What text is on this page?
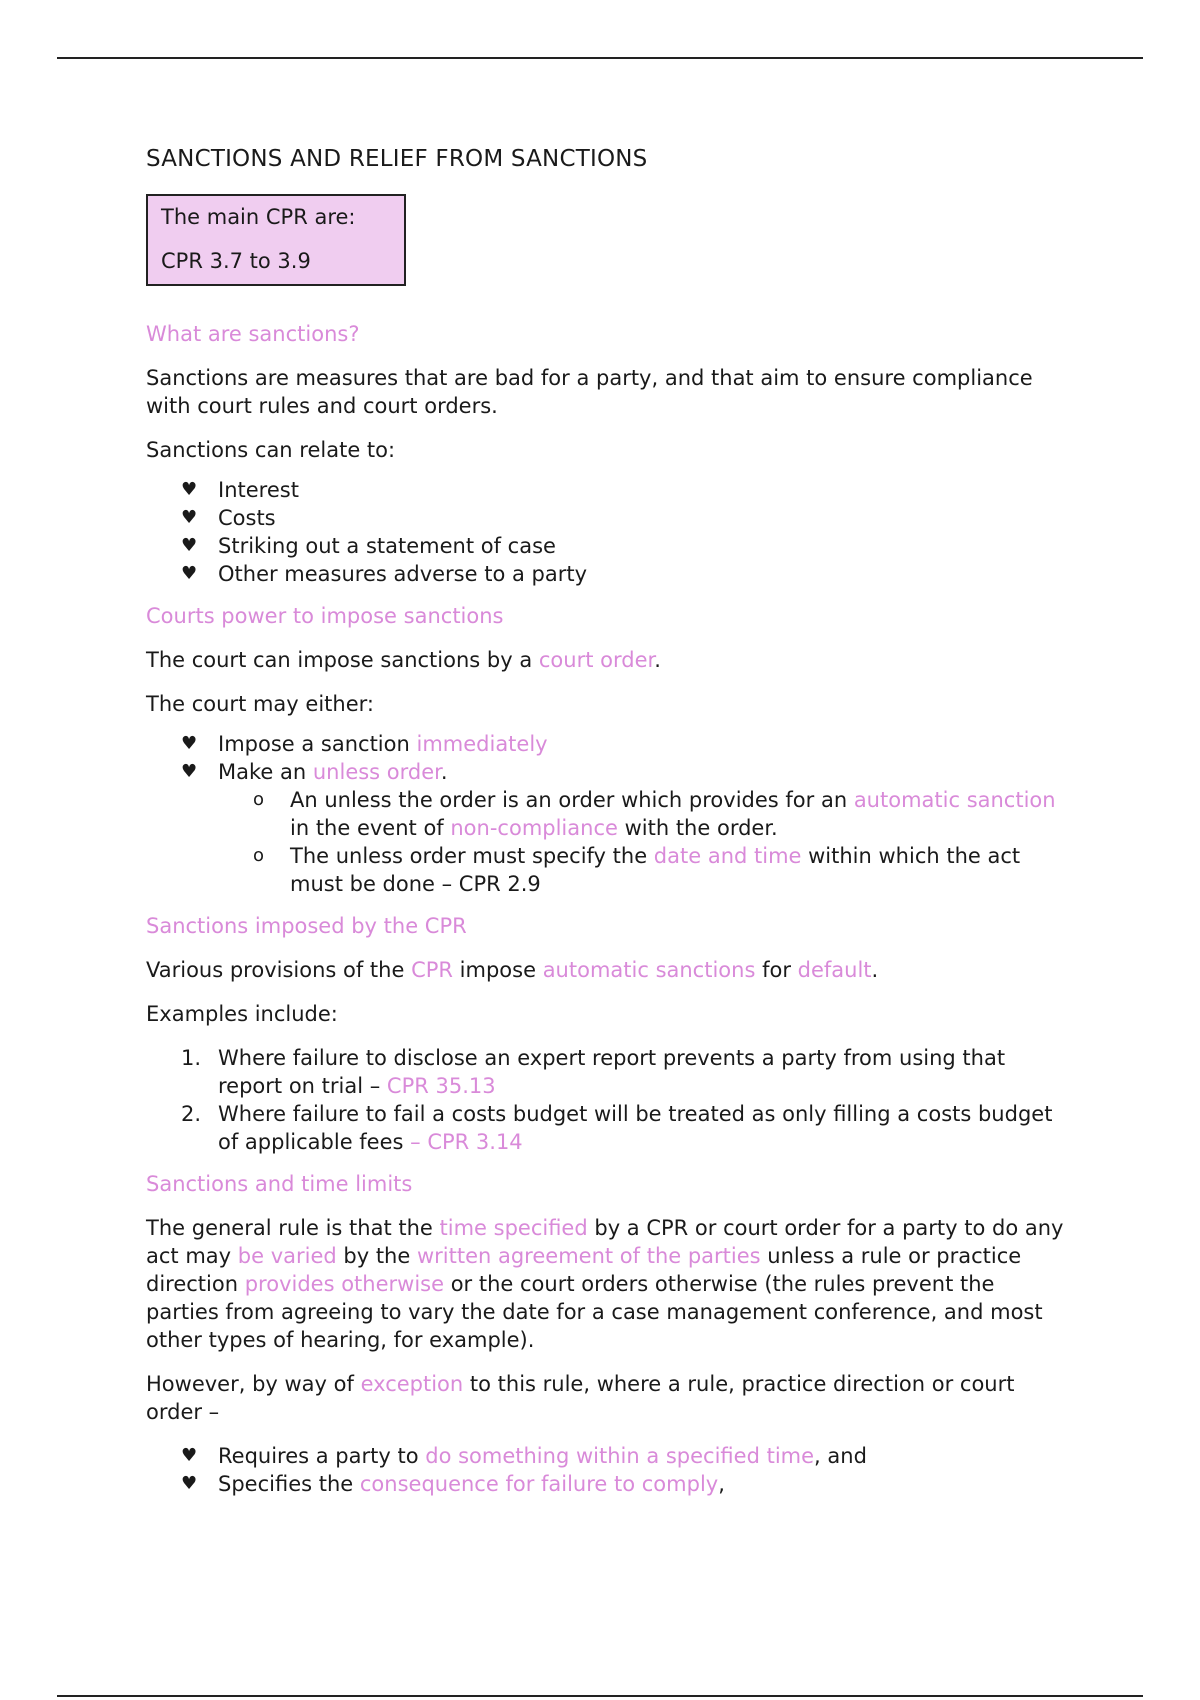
SANCTIONS AND RELIEF FROM SANCTIONS

The main CPR are:

CPR 3.7 to 3.9

What are sanctions?

Sanctions are measures that are bad for a party, and that aim to ensure compliance with court rules and court orders.

Sanctions can relate to:

♥ Interest
♥ Costs
♥ Striking out a statement of case
♥ Other measures adverse to a party
Courts power to impose sanctions

The court can impose sanctions by a court order.

The court may either:

♥ Impose a sanction immediately
♥ Make an unless order.
o An unless the order is an order which provides for an automatic sanction in the event of non-compliance with the order.
o The unless order must specify the date and time within which the act must be done – CPR 2.9
Sanctions imposed by the CPR

Various provisions of the CPR impose automatic sanctions for default.

Examples include:

1. Where failure to disclose an expert report prevents a party from using that report on trial – CPR 35.13
2. Where failure to fail a costs budget will be treated as only filling a costs budget of applicable fees – CPR 3.14
Sanctions and time limits

The general rule is that the time specified by a CPR or court order for a party to do any act may be varied by the written agreement of the parties unless a rule or practice direction provides otherwise or the court orders otherwise (the rules prevent the parties from agreeing to vary the date for a case management conference, and most other types of hearing, for example).

However, by way of exception to this rule, where a rule, practice direction or court order –

♥ Requires a party to do something within a specified time, and
♥ Specifies the consequence for failure to comply,
